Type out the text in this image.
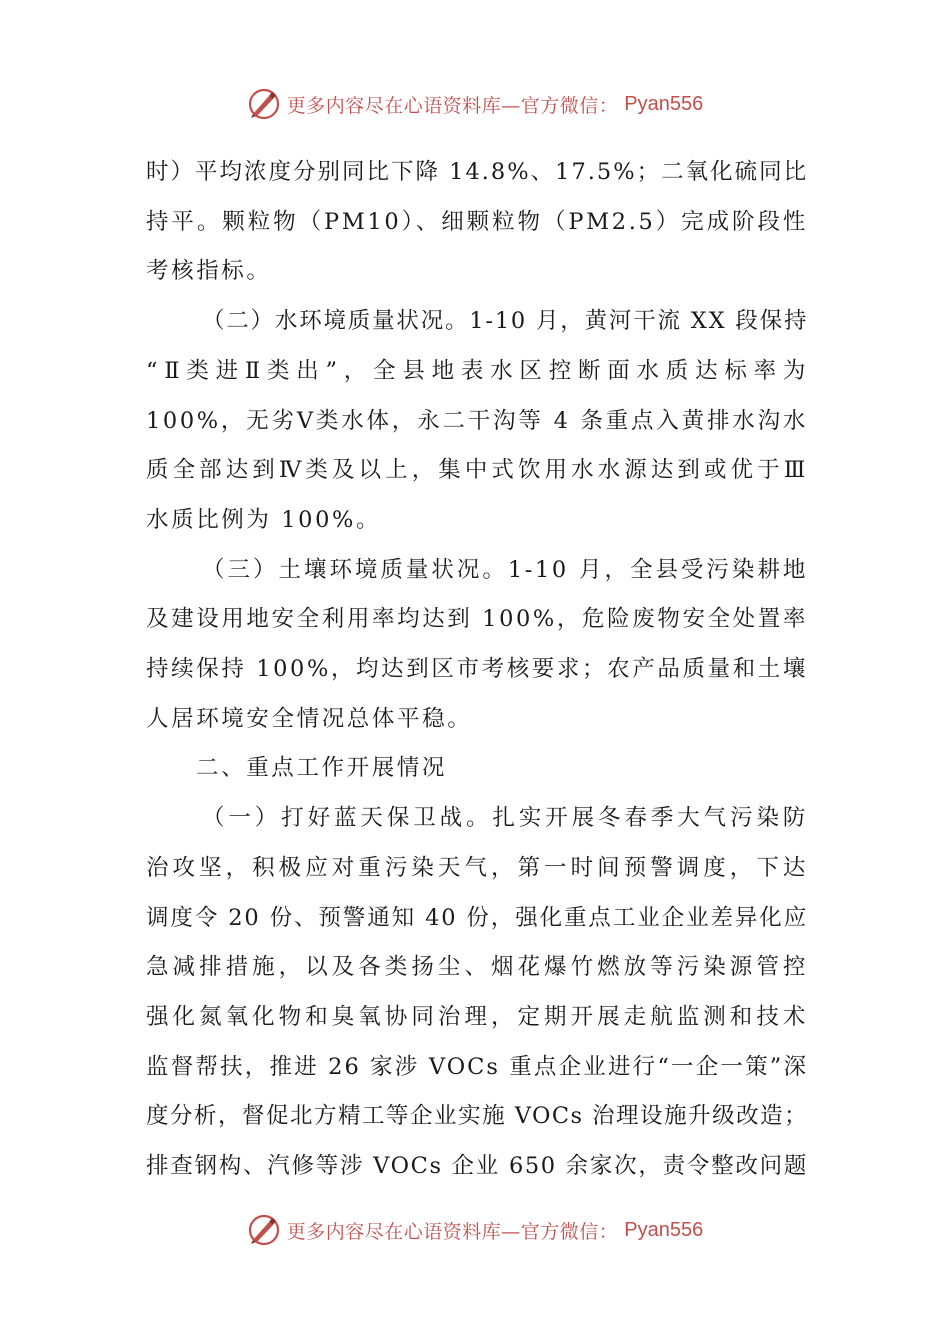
更多内容尽在心语资料库—官方微信： Pyan556
时）平均浓度分别同比下降 14.8%、17.5%；二氧化硫同比
持平。颗粒物（PM10）、细颗粒物（PM2.5）完成阶段性
考核指标。
（二）水环境质量状况。1-10 月，黄河干流 XX 段保持
“Ⅱ类进Ⅱ类出”，全县地表水区控断面水质达标率为
100%，无劣Ⅴ类水体，永二干沟等 4 条重点入黄排水沟水
质全部达到Ⅳ类及以上，集中式饮用水水源达到或优于Ⅲ
水质比例为 100%。
（三）土壤环境质量状况。1-10 月，全县受污染耕地
及建设用地安全利用率均达到 100%，危险废物安全处置率
持续保持 100%，均达到区市考核要求；农产品质量和土壤
人居环境安全情况总体平稳。
二、重点工作开展情况
（一）打好蓝天保卫战。扎实开展冬春季大气污染防
治攻坚，积极应对重污染天气，第一时间预警调度，下达
调度令 20 份、预警通知 40 份，强化重点工业企业差异化应
急减排措施，以及各类扬尘、烟花爆竹燃放等污染源管控
强化氮氧化物和臭氧协同治理，定期开展走航监测和技术
监督帮扶，推进 26 家涉 VOCs 重点企业进行“一企一策”深
度分析，督促北方精工等企业实施 VOCs 治理设施升级改造；
排查钢构、汽修等涉 VOCs 企业 650 余家次，责令整改问题
更多内容尽在心语资料库—官方微信： Pyan556
